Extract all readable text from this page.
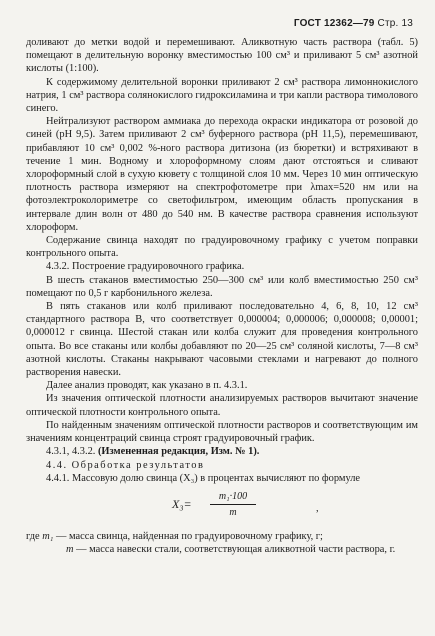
ГОСТ 12362—79 Стр. 13

доливают до метки водой и перемешивают. Аликвотную часть раствора (табл. 5) помещают в делительную воронку вместимостью 100 см³ и приливают 5 см³ азотной кислоты (1:100).

К содержимому делительной воронки приливают 2 см³ раствора лимоннокислого натрия, 1 см³ раствора солянокислого гидроксиламина и три капли раствора тимолового синего.

Нейтрализуют раствором аммиака до перехода окраски индикатора от розовой до синей (pH 9,5). Затем приливают 2 см³ буферного раствора (pH 11,5), перемешивают, прибавляют 10 см³ 0,002 %-ного раствора дитизона (из бюретки) и встряхивают в течение 1 мин. Водному и хлороформному слоям дают отстояться и сливают хлороформный слой в сухую кювету с толщиной слоя 10 мм. Через 10 мин оптическую плотность раствора измеряют на спектрофотометре при λmax=520 нм или на фотоэлектроколориметре со светофильтром, имеющим область пропускания в интервале длин волн от 480 до 540 нм. В качестве раствора сравнения используют хлороформ.

Содержание свинца находят по градуировочному графику с учетом поправки контрольного опыта.

4.3.2. Построение градуировочного графика.

В шесть стаканов вместимостью 250—300 см³ или колб вместимостью 250 см³ помещают по 0,5 г карбонильного железа.

В пять стаканов или колб приливают последовательно 4, 6, 8, 10, 12 см³ стандартного раствора В, что соответствует 0,000004; 0,000006; 0,000008; 0,00001; 0,000012 г свинца. Шестой стакан или колба служит для проведения контрольного опыта. Во все стаканы или колбы добавляют по 20—25 см³ соляной кислоты, 7—8 см³ азотной кислоты. Стаканы накрывают часовыми стеклами и нагревают до полного растворения навески.

Далее анализ проводят, как указано в п. 4.3.1.

Из значения оптической плотности анализируемых растворов вычитают значение оптической плотности контрольного опыта.

По найденным значениям оптической плотности растворов и соответствующим им значениям концентраций свинца строят градуировочный график.

4.3.1, 4.3.2. (Измененная редакция, Изм. № 1).

4.4. Обработка результатов

4.4.1. Массовую долю свинца (X₃) в процентах вычисляют по формуле

$X_3= \frac{\text{m₁·100}}{m}$	,

где m₁ — масса свинца, найденная по градуировочному графику, г;

m — масса навески стали, соответствующая аликвотной части раствора, г.
